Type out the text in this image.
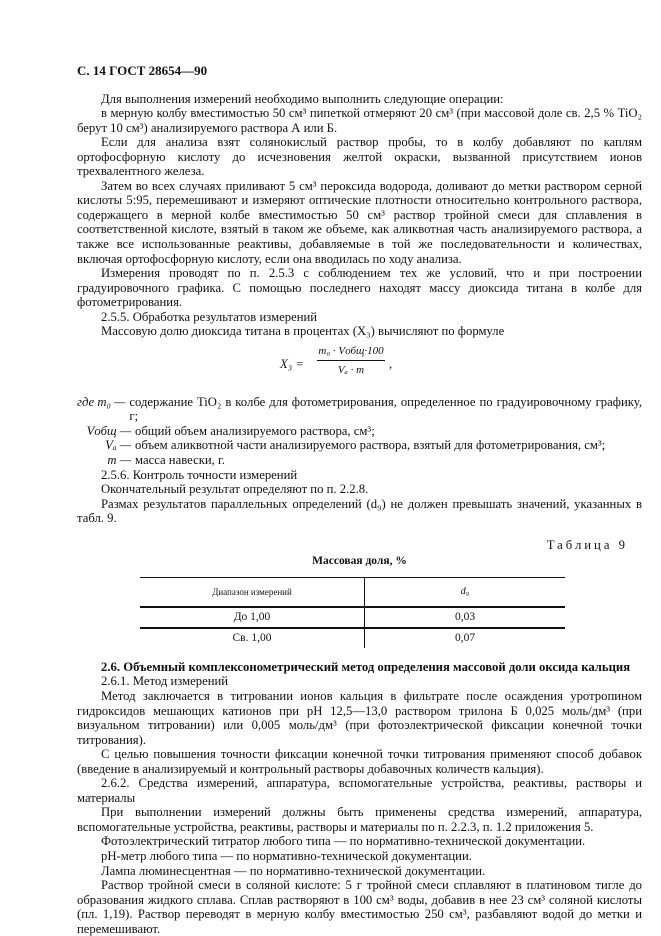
С. 14 ГОСТ 28654—90

Для выполнения измерений необходимо выполнить следующие операции:

в мерную колбу вместимостью 50 см³ пипеткой отмеряют 20 см³ (при массовой доле св. 2,5 % TiO₂ берут 10 см³) анализируемого раствора А или Б.

Если для анализа взят солянокислый раствор пробы, то в колбу добавляют по каплям ортофосфорную кислоту до исчезновения желтой окраски, вызванной присутствием ионов трехвалентного железа.

Затем во всех случаях приливают 5 см³ пероксида водорода, доливают до метки раствором серной кислоты 5:95, перемешивают и измеряют оптические плотности относительно контрольного раствора, содержащего в мерной колбе вместимостью 50 см³ раствор тройной смеси для сплавления в соответственной кислоте, взятый в таком же объеме, как аликвотная часть анализируемого раствора, а также все использованные реактивы, добавляемые в той же последовательности и количествах, включая ортофосфорную кислоту, если она вводилась по ходу анализа.

Измерения проводят по п. 2.5.3 с соблюдением тех же условий, что и при построении градуировочного графика. С помощью последнего находят массу диоксида титана в колбе для фотометрирования.

2.5.5. Обработка результатов измерений

Массовую долю диоксида титана в процентах (X₃) вычисляют по формуле

X₃ =
m₀ · Vобщ·100
Vₐ · m	,
где m₀ — содержание TiO₂ в колбе для фотометрирования, определенное по градуировочному графику, г;
Vобщ — общий объем анализируемого раствора, см³;
Vₐ — объем аликвотной части анализируемого раствора, взятый для фотометрирования, см³;
m — масса навески, г.

2.5.6. Контроль точности измерений

Окончательный результат определяют по п. 2.2.8.

Размах результатов параллельных определений (d₉) не должен превышать значений, указанных в табл. 9.

Таблица 9
Массовая доля, %
Диапазон измерений	d₉
До 1,00	0,03
Св. 1,00	0,07

2.6. Объемный комплексонометрический метод определения массовой доли оксида кальция

2.6.1. Метод измерений

Метод заключается в титровании ионов кальция в фильтрате после осаждения уротропином гидроксидов мешающих катионов при pH 12,5—13,0 раствором трилона Б 0,025 моль/дм³ (при визуальном титровании) или 0,005 моль/дм³ (при фотоэлектрической фиксации конечной точки титрования).

С целью повышения точности фиксации конечной точки титрования применяют способ добавок (введение в анализируемый и контрольный растворы добавочных количеств кальция).

2.6.2. Средства измерений, аппаратура, вспомогательные устройства, реактивы, растворы и материалы

При выполнении измерений должны быть применены средства измерений, аппаратура, вспомогательные устройства, реактивы, растворы и материалы по п. 2.2.3, п. 1.2 приложения 5.

Фотоэлектрический титратор любого типа — по нормативно-технической документации.

pH-метр любого типа — по нормативно-технической документации.

Лампа люминесцентная — по нормативно-технической документации.

Раствор тройной смеси в соляной кислоте: 5 г тройной смеси сплавляют в платиновом тигле до образования жидкого сплава. Сплав растворяют в 100 см³ воды, добавив в нее 23 см³ соляной кислоты (пл. 1,19). Раствор переводят в мерную колбу вместимостью 250 см³, разбавляют водой до метки и перемешивают.
